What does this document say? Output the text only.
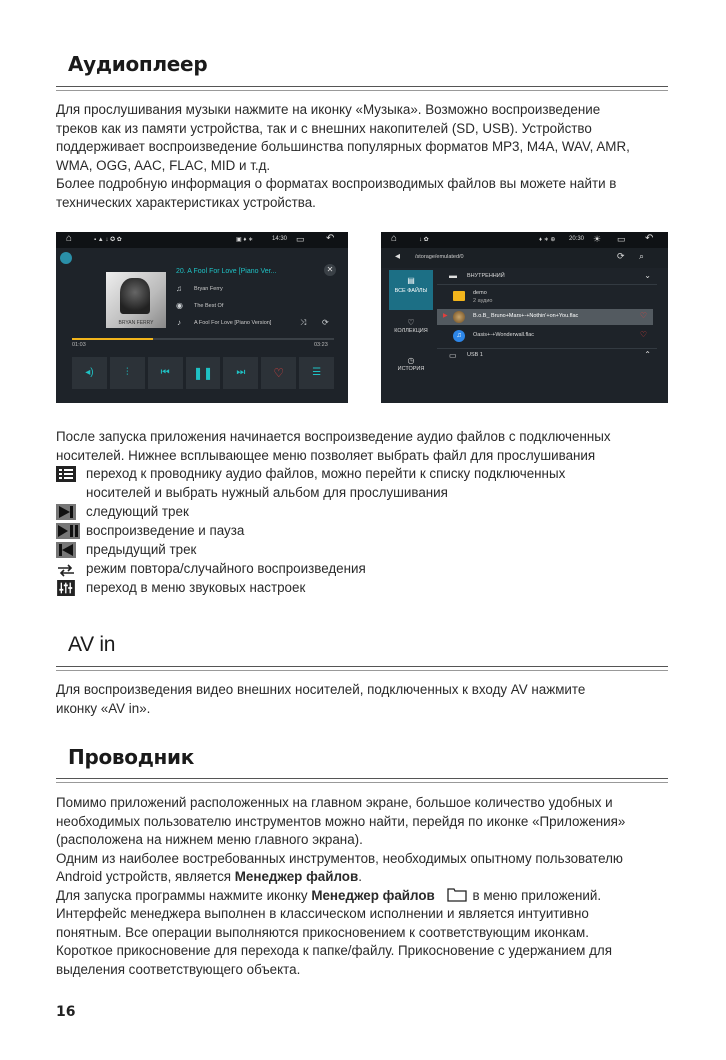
Аудиоплеер

Для прослушивания музыки нажмите на иконку «Музыка». Возможно воспроизведение

треков как из памяти устройства, так и с внешних накопителей (SD, USB). Устройство

поддерживает воспроизведение большинства популярных форматов MP3, M4A, WAV, AMR,

WMA, OGG, AAC, FLAC, MID и т.д.

Более подробную информация о форматах воспроизводимых файлов вы можете найти в

технических характеристиках устройства.

⌂	▪ ▲ ↓ ✪ ✿	▣ ♦ ∗	14:30 ▭ ↶
BRYAN FERRY
20. A Fool For Love [Piano Ver...	✕
♫ Bryan Ferry
◉ The Best Of
♪ A Fool For Love [Piano Version]	⤨ ⟳
01:03	03:23
◂)	⫶	⏮	❚❚	⏭	♡	☰
⌂	↓ ✿	♦ ∗ ⊕ 20:30 ☀ ▭ ↶
◂	/storage/emulated/0	⟳ ⌕
▤
ВСЕ ФАЙЛЫ
♡
КОЛЛЕКЦИЯ
◷
ИСТОРИЯ
▬ ВНУТРЕННИЙ	⌄
demo
2 аудио
▶	B.o.B_ Bruno+Mars+-+Nothin'+on+You.flac	♡
♫	Oasis+-+Wonderwall.flac	♡
▭ USB 1	⌃

После запуска приложения начинается воспроизведение аудио файлов с подключенных

носителей. Нижнее всплывающее меню позволяет выбрать файл для прослушивания

переход к проводнику аудио файлов, можно перейти к списку подключенных
носителей и выбрать нужный альбом для прослушивания
следующий трек
воспроизведение и пауза
предыдущий трек
режим повтора/случайного воспроизведения
переход в меню звуковых настроек
AV in

Для воспроизведения видео внешних носителей, подключенных к входу AV нажмите

иконку «AV in».

Проводник

Помимо приложений расположенных на главном экране, большое количество удобных и

необходимых пользователю инструментов можно найти, перейдя по иконке «Приложения»

(расположена на нижнем меню главного экрана).

Одним из наиболее востребованных инструментов, необходимых опытному пользователю

Android устройств, является Менеджер файлов.

Для запуска программы нажмите иконку Менеджер файлов	в меню приложений.

Интерфейс менеджера выполнен в классическом исполнении и является интуитивно

понятным. Все операции выполняются прикосновением к соответствующим иконкам.

Короткое прикосновение для перехода к папке/файлу. Прикосновение с удержанием для

выделения соответствующего объекта.

16
